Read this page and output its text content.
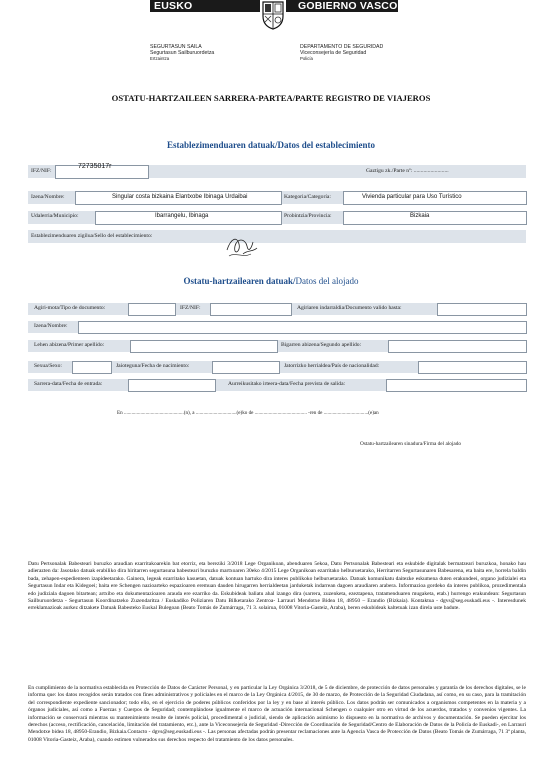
EUSKO JAURLARITZA
GOBIERNO VASCO
SEGURTASUN SAILA
Segurtasun Sailburuordetza
Ertzaintza
DEPARTAMENTO DE SEGURIDAD
Viceconsejería de Seguridad
Policía
OSTATU-HARTZAILEEN SARRERA-PARTEA/PARTE REGISTRO DE VIAJEROS
Establezimenduaren datuak/Datos del establecimiento
IFZ/NIF:
72735017r
Gaztigu zk./Parte nº: .........................
Izena/Nombre:	Singular costa bizkaina Elantxobe Ibinaga Urdaibai	Kategoria/Categoría:	Vivienda particular para Uso Turístico
Udalerria/Municipio:	Ibarrangelu, Ibinaga	Probintzia/Provincia:	Bizkaia
Establezimenduaren zigilua/Sello del establecimiento:
Ostatu-hartzailearen datuak/Datos del alojado
Agiri-mota/Tipo de documento:	IFZ/NIF:	Agiriaren indarraldia/Documento valido hasta:
Izena/Nombre:
Lehen abizena/Primer apellido:	Bigarren abizena/Segundo apellido:
Sexua/Sexo:	Jaioteguna/Fecha de nacimiento:	Jatorrizko herrialdea/País de nacionalidad:
Sarrera-data/Fecha de entrada:	Aurreikusitako irteera-data/Fecha prevista de salida:
En ...............................................(n), a ................................(e)ko de ......................................... -ren de ...................................(e)an
Ostatu-hartzailearen sinadura/Firma del alojado
Datu Pertsonalak Babesteari buruzko araudian ezarritakoarekin bat etorriz, eta bereziki 3/2018 Lege Organikoan, abenduaren 5ekoa, Datu Pertsonalak Babesteari eta eskubide digitalak bermatzeari buruzkoa, honako hau adierazten da: Jasotako datuak erabiliko dira hiritarren segurtasuna babesteari buruzko martxoaren 30eko 4/2015 Lege Organikoan ezarritako helburuetarako, Herritarren Segurtasunaren Babesarena, eta baita ere, horrela baldin bada, zehapen-espedienteen izapideetarako. Gainera, legeak ezarritako kasuetan, datuak kontuan hartuko dira interes publikoko helburuetarako. Datuak komunikatu daitezke eskumena duten erakundeei, organo judizialei eta Segurtasun Indar eta Kidegoei; baita ere Schengen nazioarteko espazioaren eremuan dauden hirugarren herrialdeetan jarduketak indarrean dagoen araudiaren arabera. Informazioa gordeko da interes publikoa, prozedimentala edo judiziala dagoen bitartean; artxibo eta dokumentazioaren arauda ere ezarriko da. Eskubideak baliatu ahal izango dira (sarrera, zuzenketa, ezeztapena, tratamenduaren mugaketa, etab.) hurrengo erakundean: Segurtasun Sailburuordetza - Segurtasun Koordinatzeko Zuzendaritza / Euskadiko Poliziaren Datu Bilketarako Zentroa- Larrauri Mendotxe Bidea 18, 48950 – Erandio (Bizkaia). Kontaktua - dgvs@seg.euskadi.eus -. Interesdunek erreklamazioak aurkez ditzakete Datuak Babesteko Euskal Bulegoan (Beato Tomás de Zumárraga, 71 3. solairua, 01008 Vitoria-Gasteiz, Araba), beren eskubideak kaltetuak izan direla uste badute.
En cumplimiento de la normativa establecida en Protección de Datos de Carácter Personal, y en particular la Ley Orgánica 3/2018, de 5 de diciembre, de protección de datos personales y garantía de los derechos digitales, se le informa que: los datos recogidos serán tratados con fines administrativos y policiales en el marco de la Ley Orgánica 4/2015, de 30 de marzo, de Protección de la Seguridad Ciudadana, así como, en su caso, para la tramitación del correspondiente expediente sancionador; todo ello, en el ejercicio de poderes públicos conferidos por la ley y en base al interés público. Los datos podrán ser comunicados a organismos competentes en la materia y a órganos judiciales, así como a Fuerzas y Cuerpos de Seguridad; contemplándose igualmente el marco de actuación internacional Schengen o cualquier otro en virtud de los acuerdos, tratados y convenios vigentes. La información se conservará mientras su mantenimiento resulte de interés policial, procedimental o judicial, siendo de aplicación asimismo lo dispuesto en la normativa de archivos y documentación. Se pueden ejercitar los derechos (acceso, rectificación, cancelación, limitación del tratamiento, etc.), ante la Viceconsejería de Seguridad -Dirección de Coordinación de Seguridad/Centro de Elaboración de Datos de la Policía de Euskadi-, en Larrauri Mendotxe bidea 18, 48950-Erandio, Bizkaia.Contacto - dgvs@seg.euskadi.eus -. Las personas afectadas podrán presentar reclamaciones ante la Agencia Vasca de Protección de Datos (Beato Tomás de Zumárraga, 71 3ª planta, 01008 Vitoria-Gasteiz, Araba), cuando estimen vulnerados sus derechos respecto del tratamiento de los datos personales.
